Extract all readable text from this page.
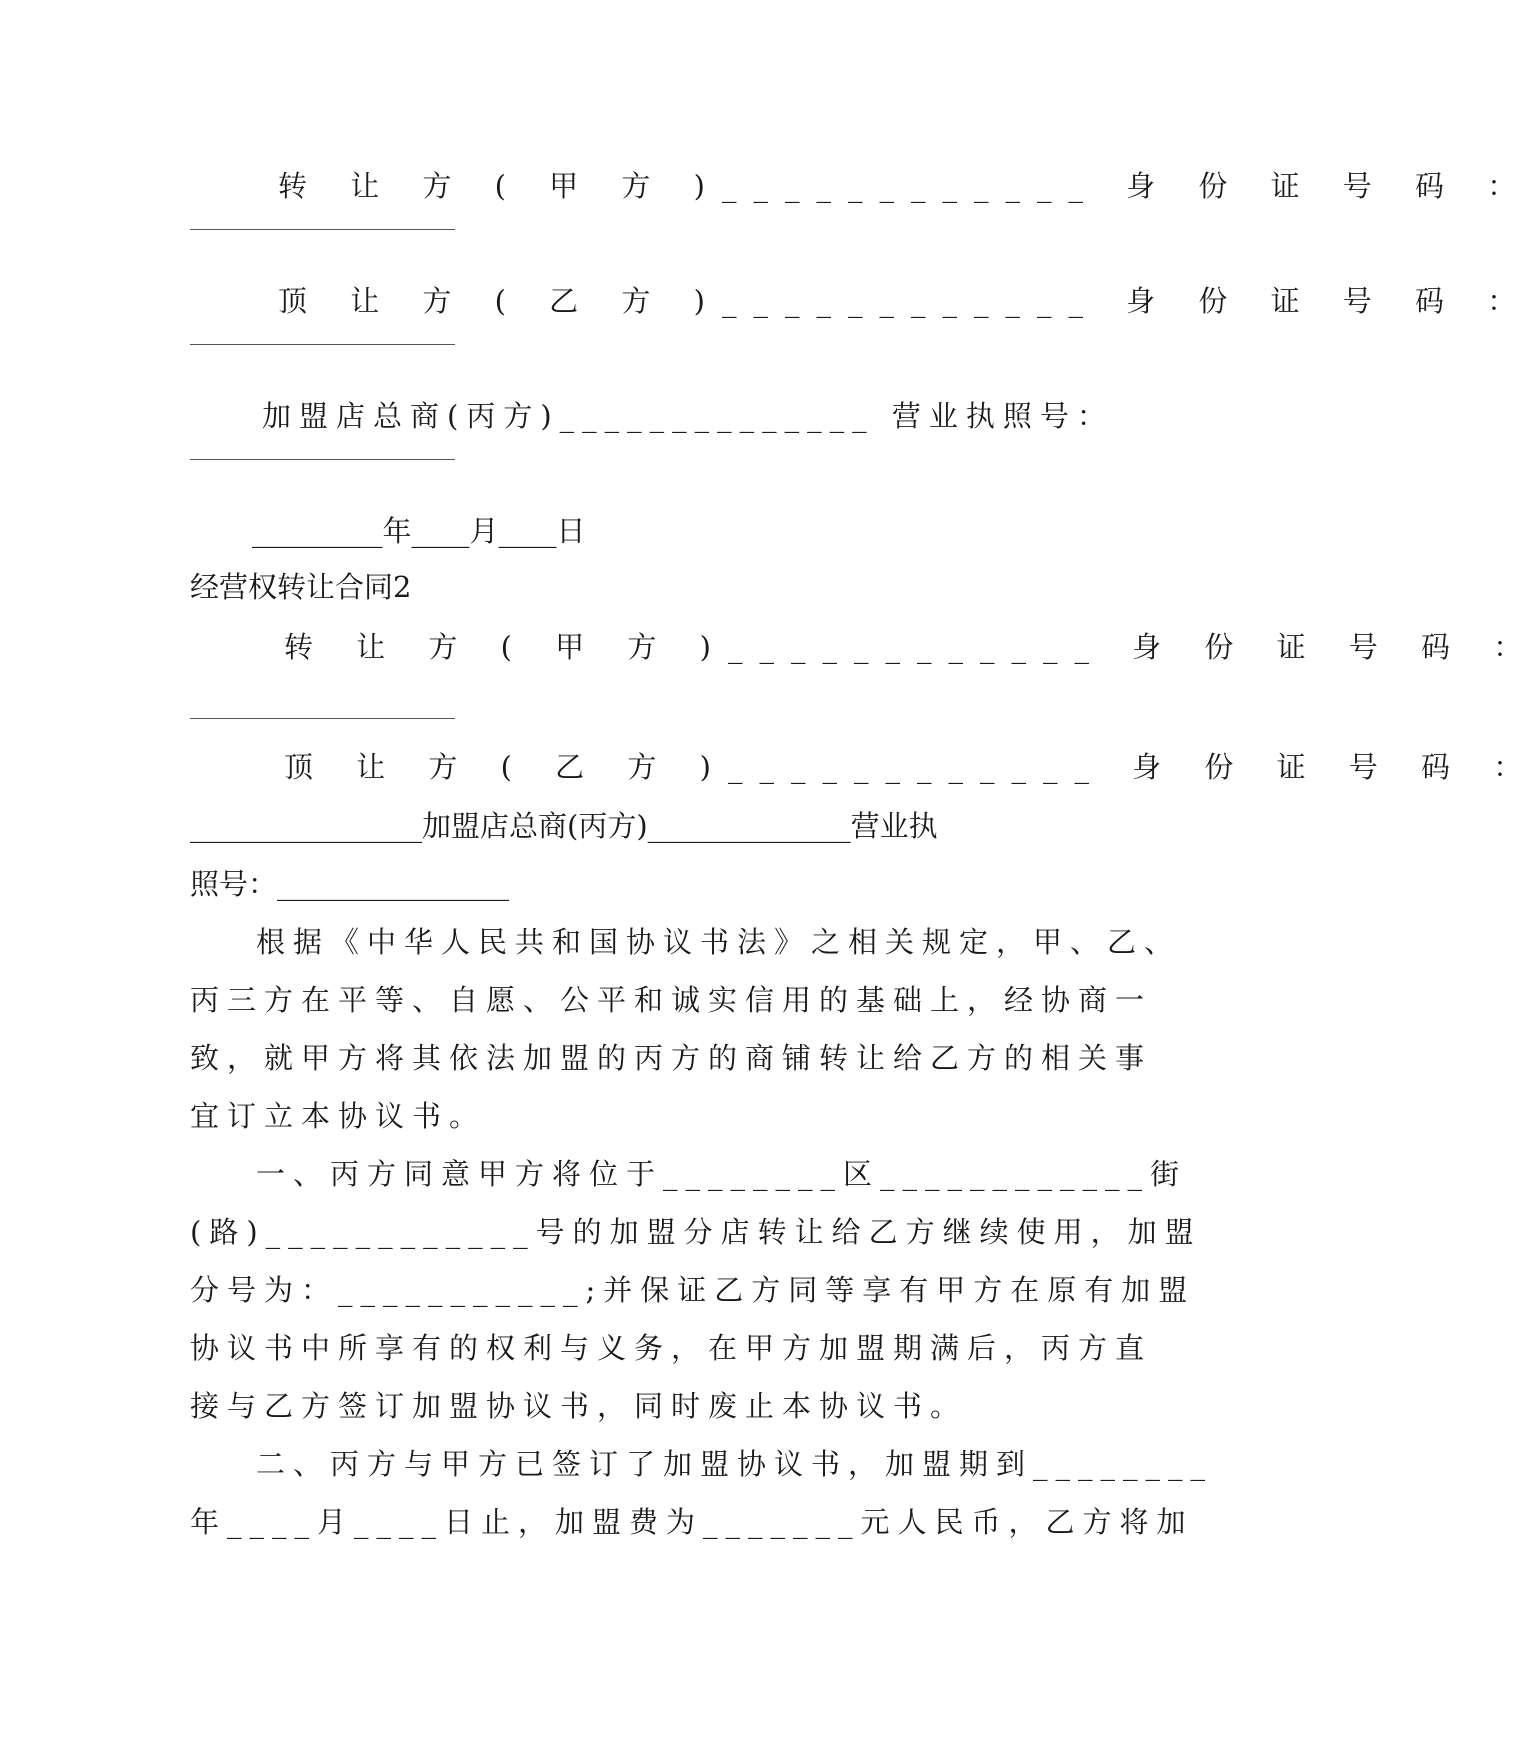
转 让 方 ( 甲 方 )____________ 身 份 证 号 码 ：
顶 让 方 ( 乙 方 )____________ 身 份 证 号 码 ：
加盟店总商(丙方)______________ 营业执照号：
_________年____月____日
经营权转让合同2
转 让 方 ( 甲 方 )____________ 身 份 证 号 码 ：
顶 让 方 ( 乙 方 )____________ 身 份 证 号 码 ：
________________加盟店总商(丙方)______________营业执
照号：________________
根据《中华人民共和国协议书法》之相关规定，甲、乙、
丙三方在平等、自愿、公平和诚实信用的基础上，经协商一
致，就甲方将其依法加盟的丙方的商铺转让给乙方的相关事
宜订立本协议书。
一、丙方同意甲方将位于________区____________街
(路)____________号的加盟分店转让给乙方继续使用，加盟
分号为：___________;并保证乙方同等享有甲方在原有加盟
协议书中所享有的权利与义务，在甲方加盟期满后，丙方直
接与乙方签订加盟协议书，同时废止本协议书。
二、丙方与甲方已签订了加盟协议书，加盟期到________
年____月____日止，加盟费为_______元人民币，乙方将加
